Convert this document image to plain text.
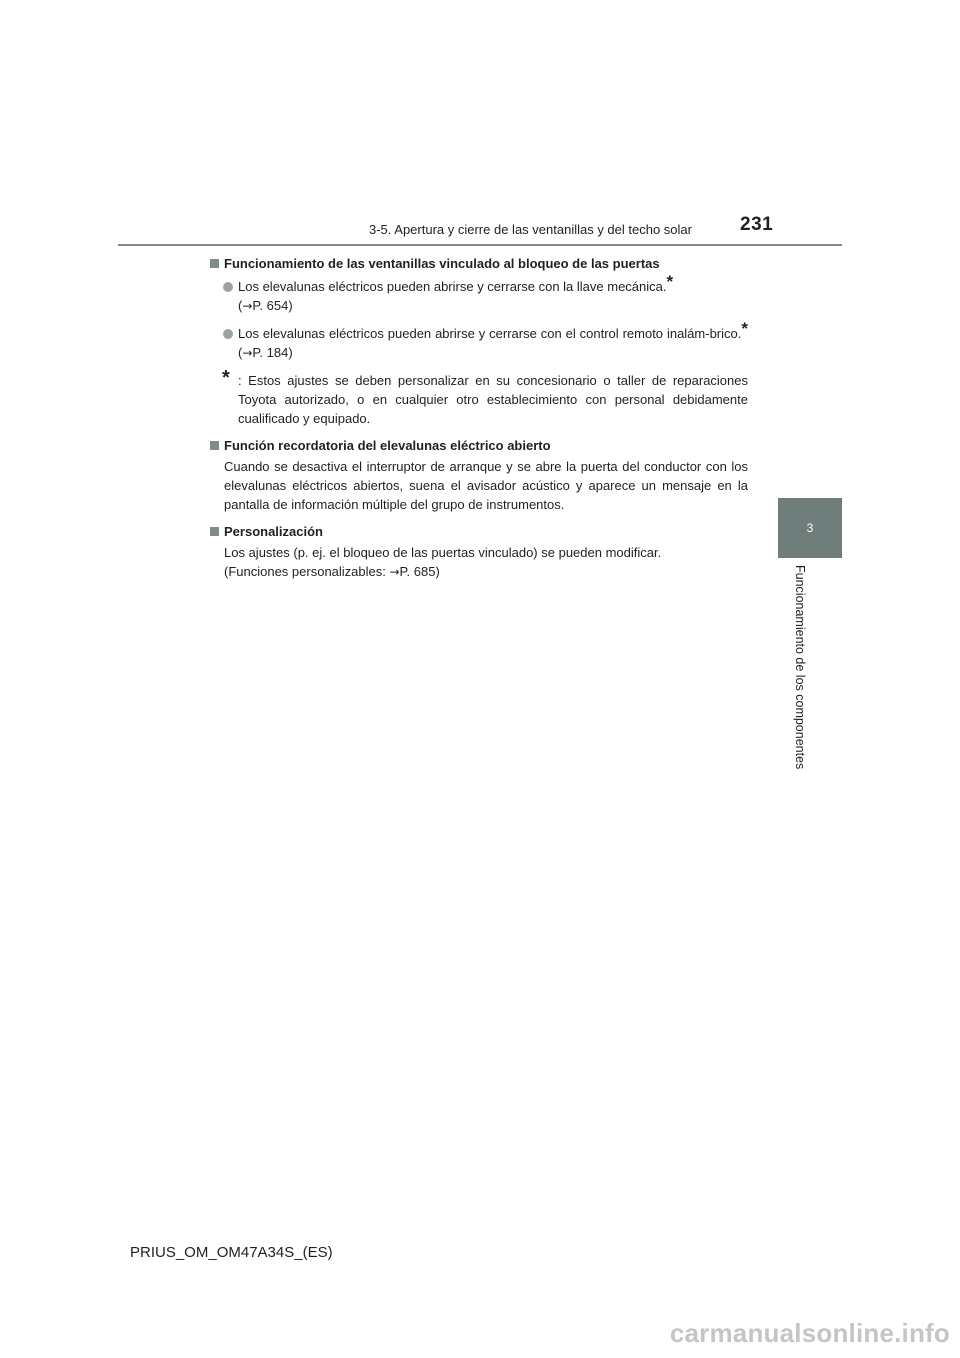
3-5. Apertura y cierre de las ventanillas y del techo solar	231
3
Funcionamiento de los componentes
Funcionamiento de las ventanillas vinculado al bloqueo de las puertas
Los elevalunas eléctricos pueden abrirse y cerrarse con la llave mecánica.*
(→P. 654)
Los elevalunas eléctricos pueden abrirse y cerrarse con el control remoto inalám-brico.* (→P. 184)
* : Estos ajustes se deben personalizar en su concesionario o taller de reparaciones Toyota autorizado, o en cualquier otro establecimiento con personal debidamente cualificado y equipado.
Función recordatoria del elevalunas eléctrico abierto
Cuando se desactiva el interruptor de arranque y se abre la puerta del conductor con los elevalunas eléctricos abiertos, suena el avisador acústico y aparece un mensaje en la pantalla de información múltiple del grupo de instrumentos.
Personalización
Los ajustes (p. ej. el bloqueo de las puertas vinculado) se pueden modificar.
(Funciones personalizables: →P. 685)
PRIUS_OM_OM47A34S_(ES)
carmanualsonline.info
